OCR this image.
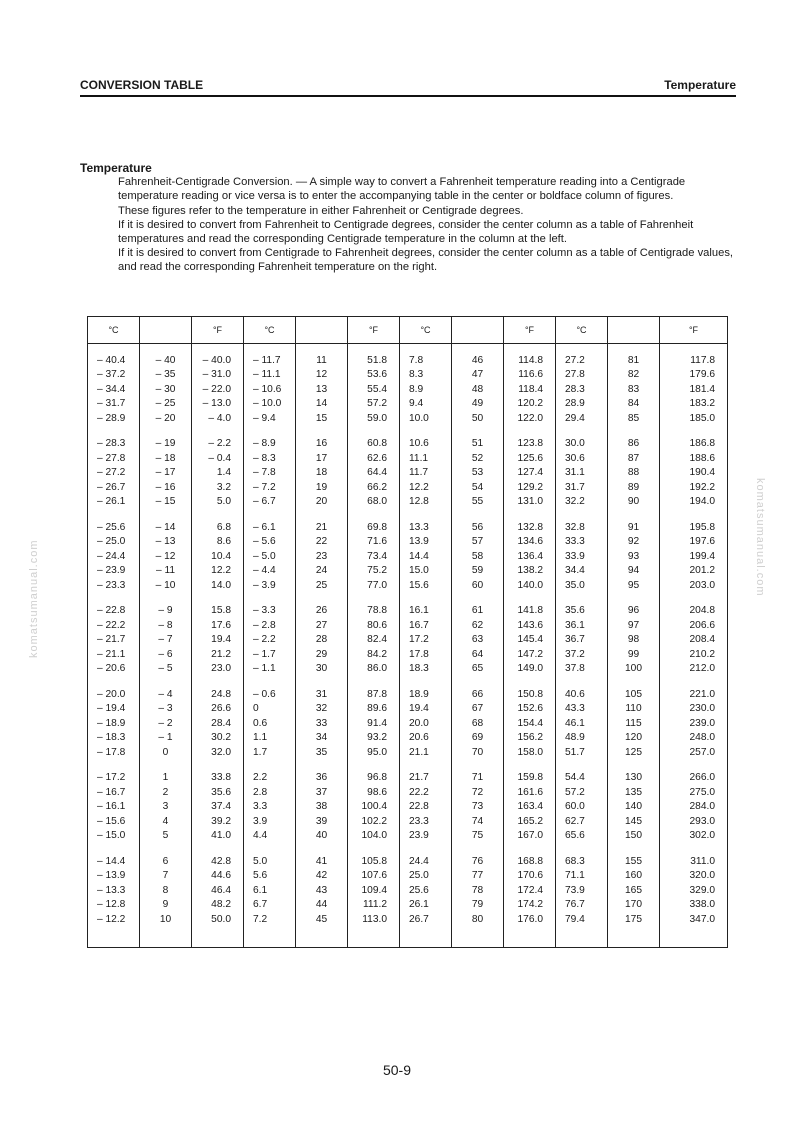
CONVERSION TABLE	Temperature
Temperature

Fahrenheit-Centigrade Conversion. — A simple way to convert a Fahrenheit temperature reading into a Centigrade temperature reading or vice versa is to enter the accompanying table in the center or boldface column of figures.

These figures refer to the temperature in either Fahrenheit or Centigrade degrees.

If it is desired to convert from Fahrenheit to Centigrade degrees, consider the center column as a table of Fahrenheit temperatures and read the corresponding Centigrade temperature in the column at the left.

If it is desired to convert from Centigrade to Fahrenheit degrees, consider the center column as a table of Centigrade values, and read the corresponding Fahrenheit temperature on the right.

komatsumanual.com
komatsumanual.com
°C		°F	°C		°F	°C		°F	°C		°F
– 40.4	– 40	– 40.0	– 11.7	11	51.8	7.8	46	114.8	27.2	81	117.8
– 37.2	– 35	– 31.0	– 11.1	12	53.6	8.3	47	116.6	27.8	82	179.6
– 34.4	– 30	– 22.0	– 10.6	13	55.4	8.9	48	118.4	28.3	83	181.4
– 31.7	– 25	– 13.0	– 10.0	14	57.2	9.4	49	120.2	28.9	84	183.2
– 28.9	– 20	– 4.0	– 9.4	15	59.0	10.0	50	122.0	29.4	85	185.0
– 28.3	– 19	– 2.2	– 8.9	16	60.8	10.6	51	123.8	30.0	86	186.8
– 27.8	– 18	– 0.4	– 8.3	17	62.6	11.1	52	125.6	30.6	87	188.6
– 27.2	– 17	1.4	– 7.8	18	64.4	11.7	53	127.4	31.1	88	190.4
– 26.7	– 16	3.2	– 7.2	19	66.2	12.2	54	129.2	31.7	89	192.2
– 26.1	– 15	5.0	– 6.7	20	68.0	12.8	55	131.0	32.2	90	194.0
– 25.6	– 14	6.8	– 6.1	21	69.8	13.3	56	132.8	32.8	91	195.8
– 25.0	– 13	8.6	– 5.6	22	71.6	13.9	57	134.6	33.3	92	197.6
– 24.4	– 12	10.4	– 5.0	23	73.4	14.4	58	136.4	33.9	93	199.4
– 23.9	– 11	12.2	– 4.4	24	75.2	15.0	59	138.2	34.4	94	201.2
– 23.3	– 10	14.0	– 3.9	25	77.0	15.6	60	140.0	35.0	95	203.0
– 22.8	– 9	15.8	– 3.3	26	78.8	16.1	61	141.8	35.6	96	204.8
– 22.2	– 8	17.6	– 2.8	27	80.6	16.7	62	143.6	36.1	97	206.6
– 21.7	– 7	19.4	– 2.2	28	82.4	17.2	63	145.4	36.7	98	208.4
– 21.1	– 6	21.2	– 1.7	29	84.2	17.8	64	147.2	37.2	99	210.2
– 20.6	– 5	23.0	– 1.1	30	86.0	18.3	65	149.0	37.8	100	212.0
– 20.0	– 4	24.8	– 0.6	31	87.8	18.9	66	150.8	40.6	105	221.0
– 19.4	– 3	26.6	0	32	89.6	19.4	67	152.6	43.3	110	230.0
– 18.9	– 2	28.4	0.6	33	91.4	20.0	68	154.4	46.1	115	239.0
– 18.3	– 1	30.2	1.1	34	93.2	20.6	69	156.2	48.9	120	248.0
– 17.8	0	32.0	1.7	35	95.0	21.1	70	158.0	51.7	125	257.0
– 17.2	1	33.8	2.2	36	96.8	21.7	71	159.8	54.4	130	266.0
– 16.7	2	35.6	2.8	37	98.6	22.2	72	161.6	57.2	135	275.0
– 16.1	3	37.4	3.3	38	100.4	22.8	73	163.4	60.0	140	284.0
– 15.6	4	39.2	3.9	39	102.2	23.3	74	165.2	62.7	145	293.0
– 15.0	5	41.0	4.4	40	104.0	23.9	75	167.0	65.6	150	302.0
– 14.4	6	42.8	5.0	41	105.8	24.4	76	168.8	68.3	155	311.0
– 13.9	7	44.6	5.6	42	107.6	25.0	77	170.6	71.1	160	320.0
– 13.3	8	46.4	6.1	43	109.4	25.6	78	172.4	73.9	165	329.0
– 12.8	9	48.2	6.7	44	111.2	26.1	79	174.2	76.7	170	338.0
– 12.2	10	50.0	7.2	45	113.0	26.7	80	176.0	79.4	175	347.0

50-9
